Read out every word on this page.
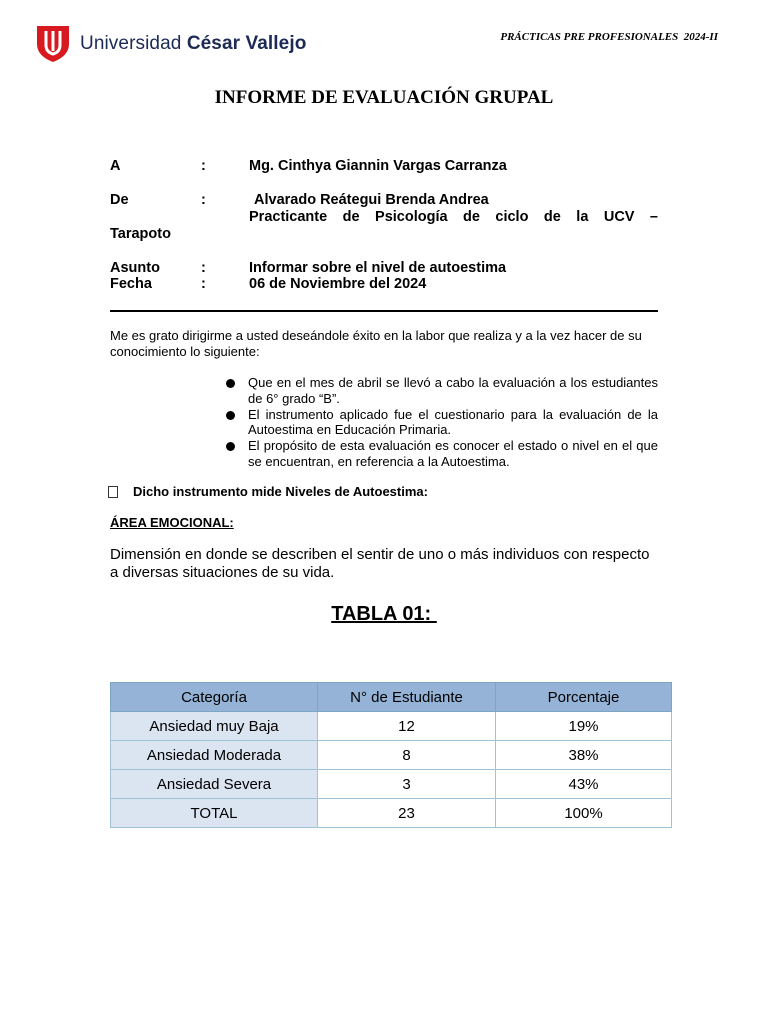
Universidad César Vallejo	PRÁCTICAS PRE PROFESIONALES  2024-II
INFORME DE EVALUACIÓN GRUPAL
A	:	Mg. Cinthya Giannin Vargas Carranza
De	:	Alvarado Reátegui Brenda Andrea
Practicante de Psicología de ciclo de la UCV –
Tarapoto
Asunto	:	Informar sobre el nivel de autoestima
Fecha	:	06 de Noviembre del 2024
Me es grato dirigirme a usted deseándole éxito en la labor que realiza y a la vez hacer de su conocimiento lo siguiente:
Que en el mes de abril se llevó a cabo la evaluación a los estudiantes de 6° grado “B”.
El instrumento aplicado fue el cuestionario para la evaluación de la Autoestima en Educación Primaria.
El propósito de esta evaluación es conocer el estado o nivel en el que se encuentran, en referencia a la Autoestima.
Dicho instrumento mide Niveles de Autoestima:
ÁREA EMOCIONAL:
Dimensión en donde se describen el sentir de uno o más individuos con respecto a diversas situaciones de su vida.
TABLA 01:
Categoría	N° de Estudiante	Porcentaje
Ansiedad muy Baja	12	19%
Ansiedad Moderada	8	38%
Ansiedad Severa	3	43%
TOTAL	23	100%
